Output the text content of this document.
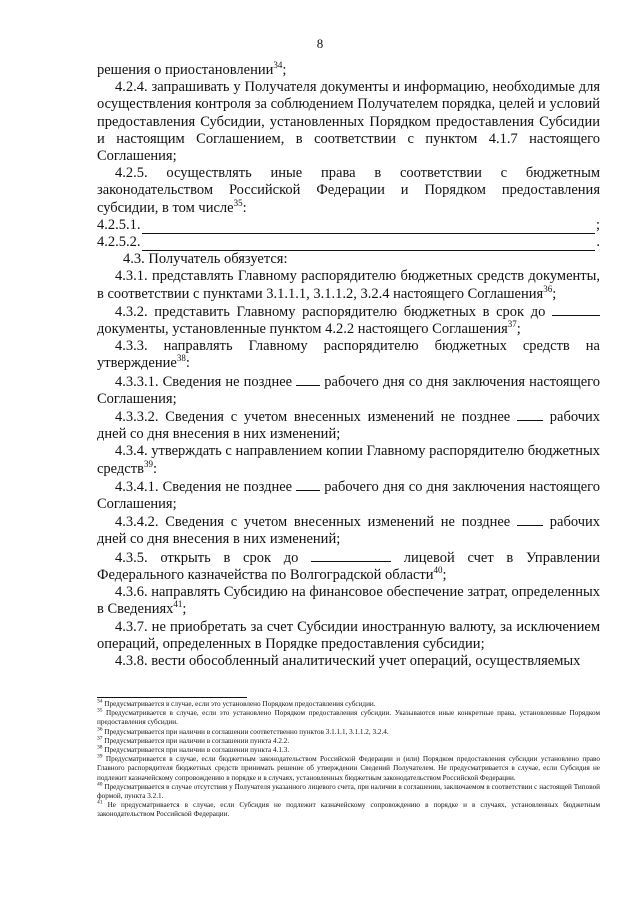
8

решения о приостановлении$^{34}$;

4.2.4. запрашивать у Получателя документы и информацию, необходимые для осуществления контроля за соблюдением Получателем порядка, целей и условий предоставления Субсидии, установленных Порядком предоставления Субсидии и настоящим Соглашением, в соответствии с пунктом 4.1.7 настоящего Соглашения;

4.2.5. осуществлять иные права в соответствии с бюджетным законодательством Российской Федерации и Порядком предоставления субсидии, в том числе$^{35}$:

4.2.5.1.	;
4.2.5.2.	.

4.3. Получатель обязуется:

4.3.1. представлять Главному распорядителю бюджетных средств документы, в соответствии с пунктами 3.1.1.1, 3.1.1.2, 3.2.4 настоящего Соглашения$^{36}$;

4.3.2. представить Главному распорядителю бюджетных в срок до  документы, установленные пунктом 4.2.2 настоящего Соглашения$^{37}$;

4.3.3. направлять Главному распорядителю бюджетных средств на утверждение$^{38}$:

4.3.3.1. Сведения не позднее рабочего дня со дня заключения настоящего Соглашения;

4.3.3.2. Сведения с учетом внесенных изменений не позднее	рабочих дней со дня внесения в них изменений;

4.3.4. утверждать с направлением копии Главному распорядителю бюджетных средств$^{39}$:

4.3.4.1. Сведения не позднее рабочего дня со дня заключения настоящего Соглашения;

4.3.4.2. Сведения с учетом внесенных изменений не позднее	рабочих дней со дня внесения в них изменений;

4.3.5. открыть в срок до	лицевой счет в Управлении Федерального казначейства по Волгоградской области$^{40}$;

4.3.6. направлять Субсидию на финансовое обеспечение затрат, определенных в Сведениях$^{41}$;

4.3.7. не приобретать за счет Субсидии иностранную валюту, за исключением операций, определенных в Порядке предоставления субсидии;

4.3.8. вести обособленный аналитический учет операций, осуществляемых

$^{34}$ Предусматривается в случае, если это установлено Порядком предоставления субсидии.

$^{35}$ Предусматривается в случае, если это установлено Порядком предоставления субсидии. Указываются иные конкретные права, установленные Порядком предоставления субсидии.

$^{36}$ Предусматривается при наличии в соглашении соответственно пунктов 3.1.1.1, 3.1.1.2, 3.2.4.

$^{37}$ Предусматривается при наличии в соглашении пункта 4.2.2.

$^{38}$ Предусматривается при наличии в соглашении пункта 4.1.3.

$^{39}$ Предусматривается в случае, если бюджетным законодательством Российской Федерации и (или) Порядком предоставления субсидии установлено право Главного распорядителя бюджетных средств принимать решение об утверждении Сведений Получателем. Не предусматривается в случае, если Субсидия не подлежит казначейскому сопровождению в порядке и в случаях, установленных бюджетным законодательством Российской Федерации.

$^{40}$ Предусматривается в случае отсутствия у Получателя указанного лицевого счета, при наличии в соглашении, заключаемом в соответствии с настоящей Типовой формой, пункта 3.2.1.

$^{41}$ Не предусматривается в случае, если Субсидия не подлежит казначейскому сопровождению в порядке и в случаях, установленных бюджетным законодательством Российской Федерации.
